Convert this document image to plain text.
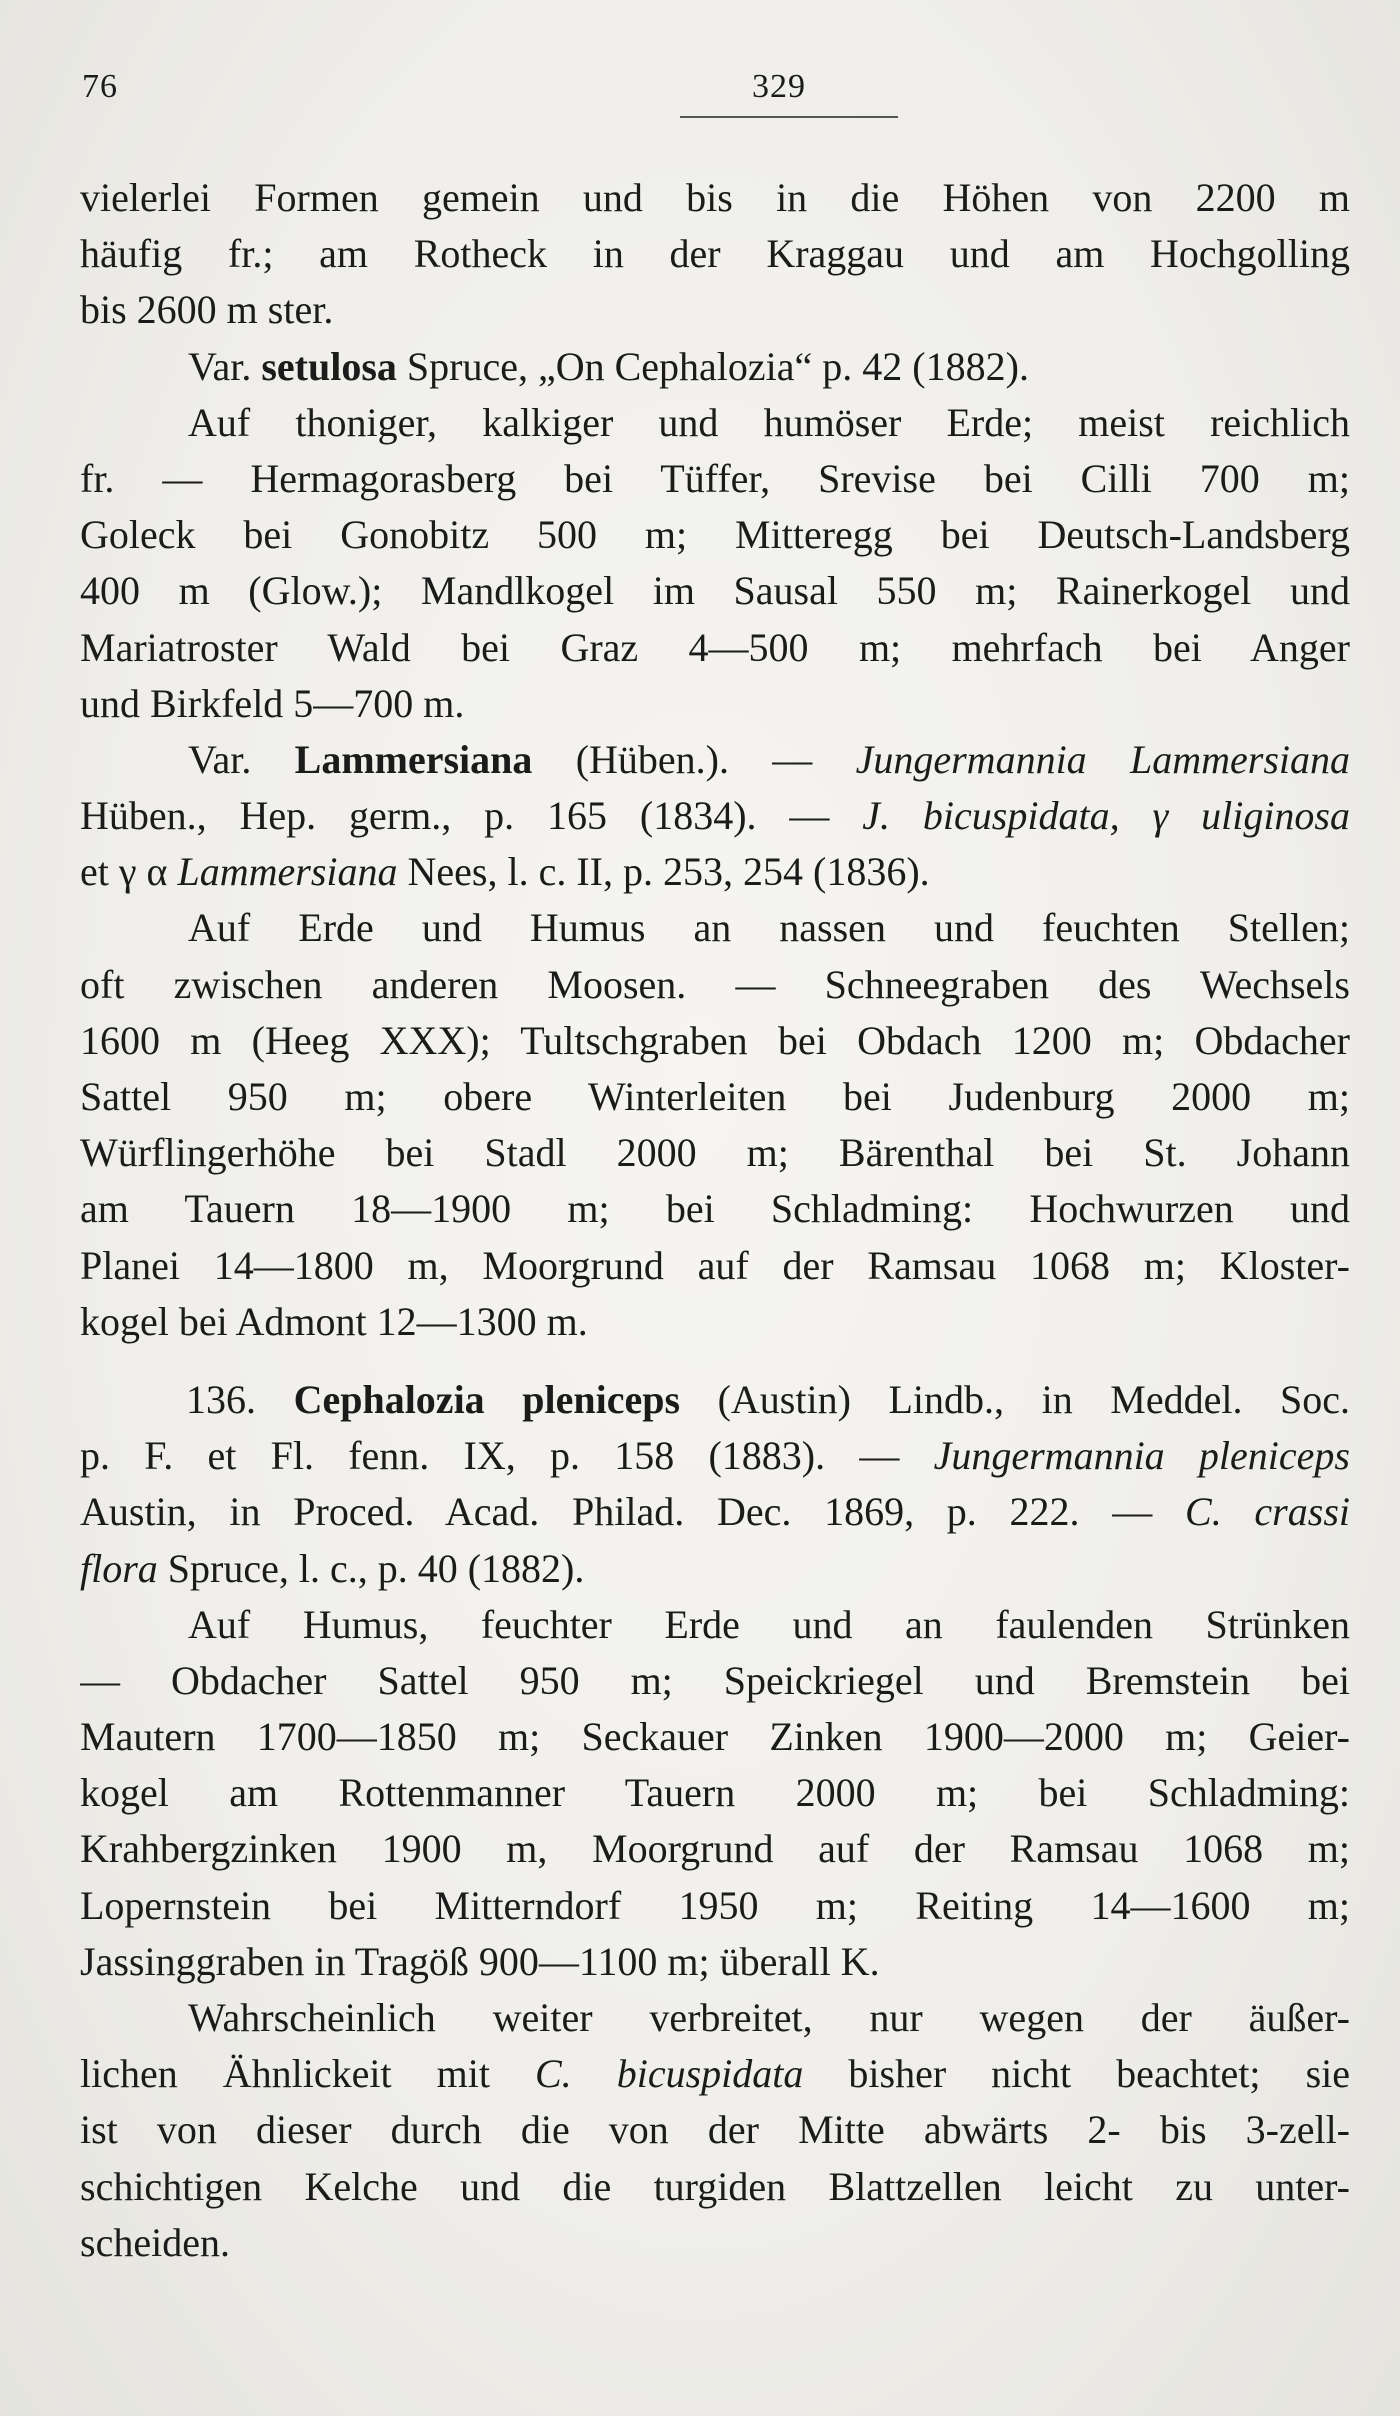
76	329
vielerlei Formen gemein und bis in die Höhen von 2200 m
häufig fr.; am Rotheck in der Kraggau und am Hochgolling
bis 2600 m ster.
Var. setulosa Spruce, „On Cephalozia“ p. 42 (1882).
Auf thoniger, kalkiger und humöser Erde; meist reichlich
fr. — Hermagorasberg bei Tüffer, Srevise bei Cilli 700 m;
Goleck bei Gonobitz 500 m; Mitteregg bei Deutsch-Landsberg
400 m (Glow.); Mandlkogel im Sausal 550 m; Rainerkogel und
Mariatroster Wald bei Graz 4—500 m; mehrfach bei Anger
und Birkfeld 5—700 m.
Var. Lammersiana (Hüben.). — Jungermannia Lammersiana
Hüben., Hep. germ., p. 165 (1834). — J. bicuspidata, γ uliginosa
et γ α Lammersiana Nees, l. c. II, p. 253, 254 (1836).
Auf Erde und Humus an nassen und feuchten Stellen;
oft zwischen anderen Moosen. — Schneegraben des Wechsels
1600 m (Heeg XXX); Tultschgraben bei Obdach 1200 m; Obdacher
Sattel 950 m; obere Winterleiten bei Judenburg 2000 m;
Würflingerhöhe bei Stadl 2000 m; Bärenthal bei St. Johann
am Tauern 18—1900 m; bei Schladming: Hochwurzen und
Planei 14—1800 m, Moorgrund auf der Ramsau 1068 m; Kloster-
kogel bei Admont 12—1300 m.
136. Cephalozia pleniceps (Austin) Lindb., in Meddel. Soc.
p. F. et Fl. fenn. IX, p. 158 (1883). — Jungermannia pleniceps
Austin, in Proced. Acad. Philad. Dec. 1869, p. 222. — C. crassi
flora Spruce, l. c., p. 40 (1882).
Auf Humus, feuchter Erde und an faulenden Strünken
— Obdacher Sattel 950 m; Speickriegel und Bremstein bei
Mautern 1700—1850 m; Seckauer Zinken 1900—2000 m; Geier-
kogel am Rottenmanner Tauern 2000 m; bei Schladming:
Krahbergzinken 1900 m, Moorgrund auf der Ramsau 1068 m;
Lopernstein bei Mitterndorf 1950 m; Reiting 14—1600 m;
Jassinggraben in Tragöß 900—1100 m; überall K.
Wahrscheinlich weiter verbreitet, nur wegen der äußer-
lichen Ähnlickeit mit C. bicuspidata bisher nicht beachtet; sie
ist von dieser durch die von der Mitte abwärts 2- bis 3-zell-
schichtigen Kelche und die turgiden Blattzellen leicht zu unter-
scheiden.
